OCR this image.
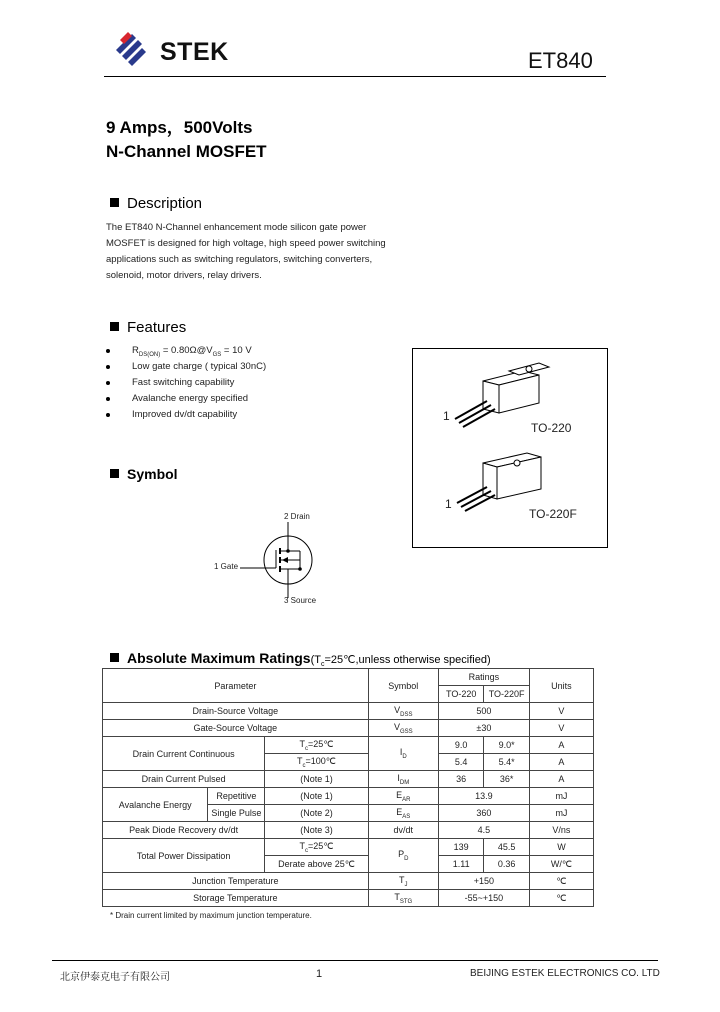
STEK	ET840
9 Amps，500Volts
N-Channel MOSFET
Description
The ET840 N-Channel enhancement mode silicon gate power MOSFET is designed for high voltage, high speed power switching applications such as switching regulators, switching converters, solenoid, motor drivers, relay drivers.
Features
$R_{DS(ON)}$ = $0.80\Omega@V_{GS} = 10$ V
Low gate charge ( typical 30nC)
Fast switching capability
Avalanche energy specified
Improved dv/dt capability	1
TO-220
1
TO-220F
Symbol
2 Drain
1 Gate
3 Source
Absolute Maximum $Ratings(T_c=25℃,unless$ otherwise specified)
Parameter			Symbol	Ratings		Units
				TO-220	TO-220F	
Drain-Source Voltage			$V_{DSS}$	500		V
Gate-Source Voltage			$V_{GSS}$	±30		V
Drain Current Continuous		$T_c=25℃$	$I_D$	9.0	9.0*	A
		$T_c=100℃$		5.4	5.4*	A
Drain Current Pulsed		(Note 1)	$I_{DM}$	36	36*	A
Avalanche Energy	Repetitive	(Note 1)	$E_{AR}$	13.9		mJ
	Single Pulse	(Note 2)	$E_{AS}$	360		mJ
Peak Diode Recovery dv/dt		(Note 3)	dv/dt	4.5		V/ns
Total Power Dissipation		$T_c=25℃$	$P_D$	139	45.5	W
		Derate above 25℃		1.11	0.36	W/℃
Junction Temperature			$T_J$	+150		℃
Storage Temperature			$T_{STG}$	-55~+150		℃
* Drain current limited by maximum junction temperature.
北京伊泰克电子有限公司	1	BEIJING ESTEK ELECTRONICS CO. LTD
